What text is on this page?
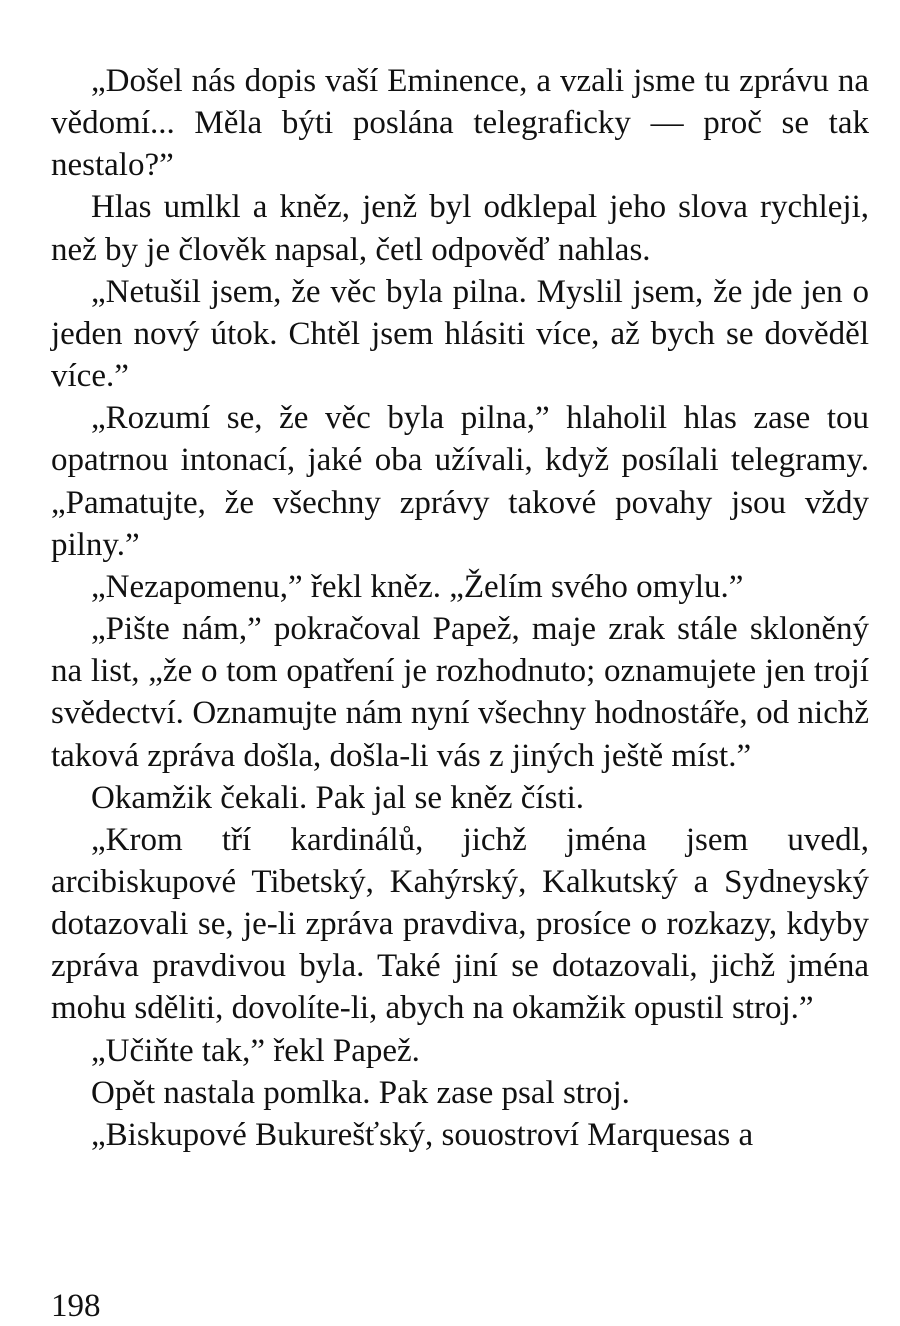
„Došel nás dopis vaší Eminence, a vzali jsme tu zprávu na vědomí... Měla býti poslána telegraficky — proč se tak nestalo?”

Hlas umlkl a kněz, jenž byl odklepal jeho slova rychleji, než by je člověk napsal, četl odpověď nahlas.

„Netušil jsem, že věc byla pilna. Myslil jsem, že jde jen o jeden nový útok. Chtěl jsem hlásiti více, až bych se dověděl více.”

„Rozumí se, že věc byla pilna,” hlaholil hlas zase tou opatrnou intonací, jaké oba užívali, když posílali telegramy. „Pamatujte, že všechny zprávy takové povahy jsou vždy pilny.”

„Nezapomenu,” řekl kněz. „Želím svého omylu.”

„Pište nám,” pokračoval Papež, maje zrak stále skloněný na list, „že o tom opatření je rozhodnuto; oznamujete jen trojí svědectví. Oznamujte nám nyní všechny hodnostáře, od nichž taková zpráva došla, došla-li vás z jiných ještě míst.”

Okamžik čekali. Pak jal se kněz čísti.

„Krom tří kardinálů, jichž jména jsem uvedl, arcibiskupové Tibetský, Kahýrský, Kalkutský a Sydneyský dotazovali se, je-li zpráva pravdiva, prosíce o rozkazy, kdyby zpráva pravdivou byla. Také jiní se dotazovali, jichž jména mohu sděliti, dovolíte-li, abych na okamžik opustil stroj.”

„Učiňte tak,” řekl Papež.

Opět nastala pomlka. Pak zase psal stroj.

„Biskupové Bukurešťský, souostroví Marquesas a

198
